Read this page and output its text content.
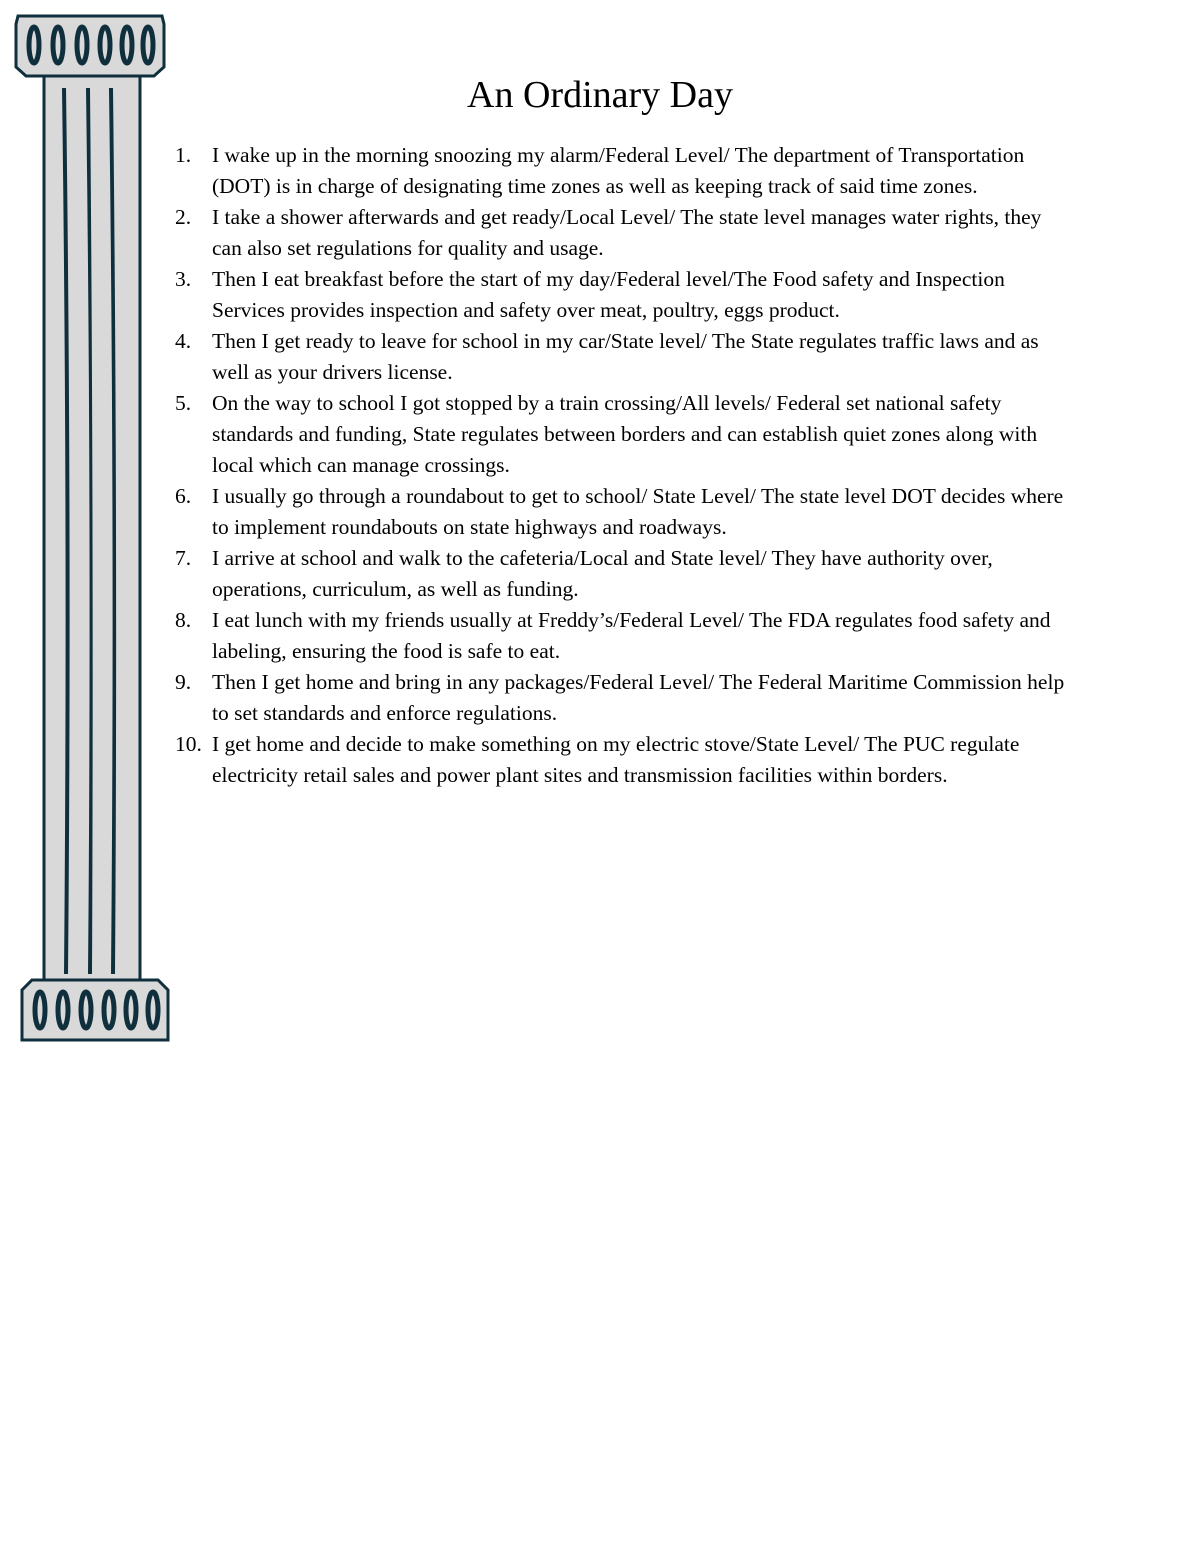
An Ordinary Day
1. I wake up in the morning snoozing my alarm/Federal Level/ The department of Transportation (DOT) is in charge of designating time zones as well as keeping track of said time zones.
2. I take a shower afterwards and get ready/Local Level/ The state level manages water rights, they can also set regulations for quality and usage.
3. Then I eat breakfast before the start of my day/Federal level/The Food safety and Inspection Services provides inspection and safety over meat, poultry, eggs product.
4. Then I get ready to leave for school in my car/State level/ The State regulates traffic laws and as well as your drivers license.
5. On the way to school I got stopped by a train crossing/All levels/ Federal set national safety standards and funding, State regulates between borders and can establish quiet zones along with local which can manage crossings.
6. I usually go through a roundabout to get to school/ State Level/ The state level DOT decides where to implement roundabouts on state highways and roadways.
7. I arrive at school and walk to the cafeteria/Local and State level/ They have authority over, operations, curriculum, as well as funding.
8. I eat lunch with my friends usually at Freddy’s/Federal Level/ The FDA regulates food safety and labeling, ensuring the food is safe to eat.
9. Then I get home and bring in any packages/Federal Level/ The Federal Maritime Commission help to set standards and enforce regulations.
10. I get home and decide to make something on my electric stove/State Level/ The PUC regulate electricity retail sales and power plant sites and transmission facilities within borders.
